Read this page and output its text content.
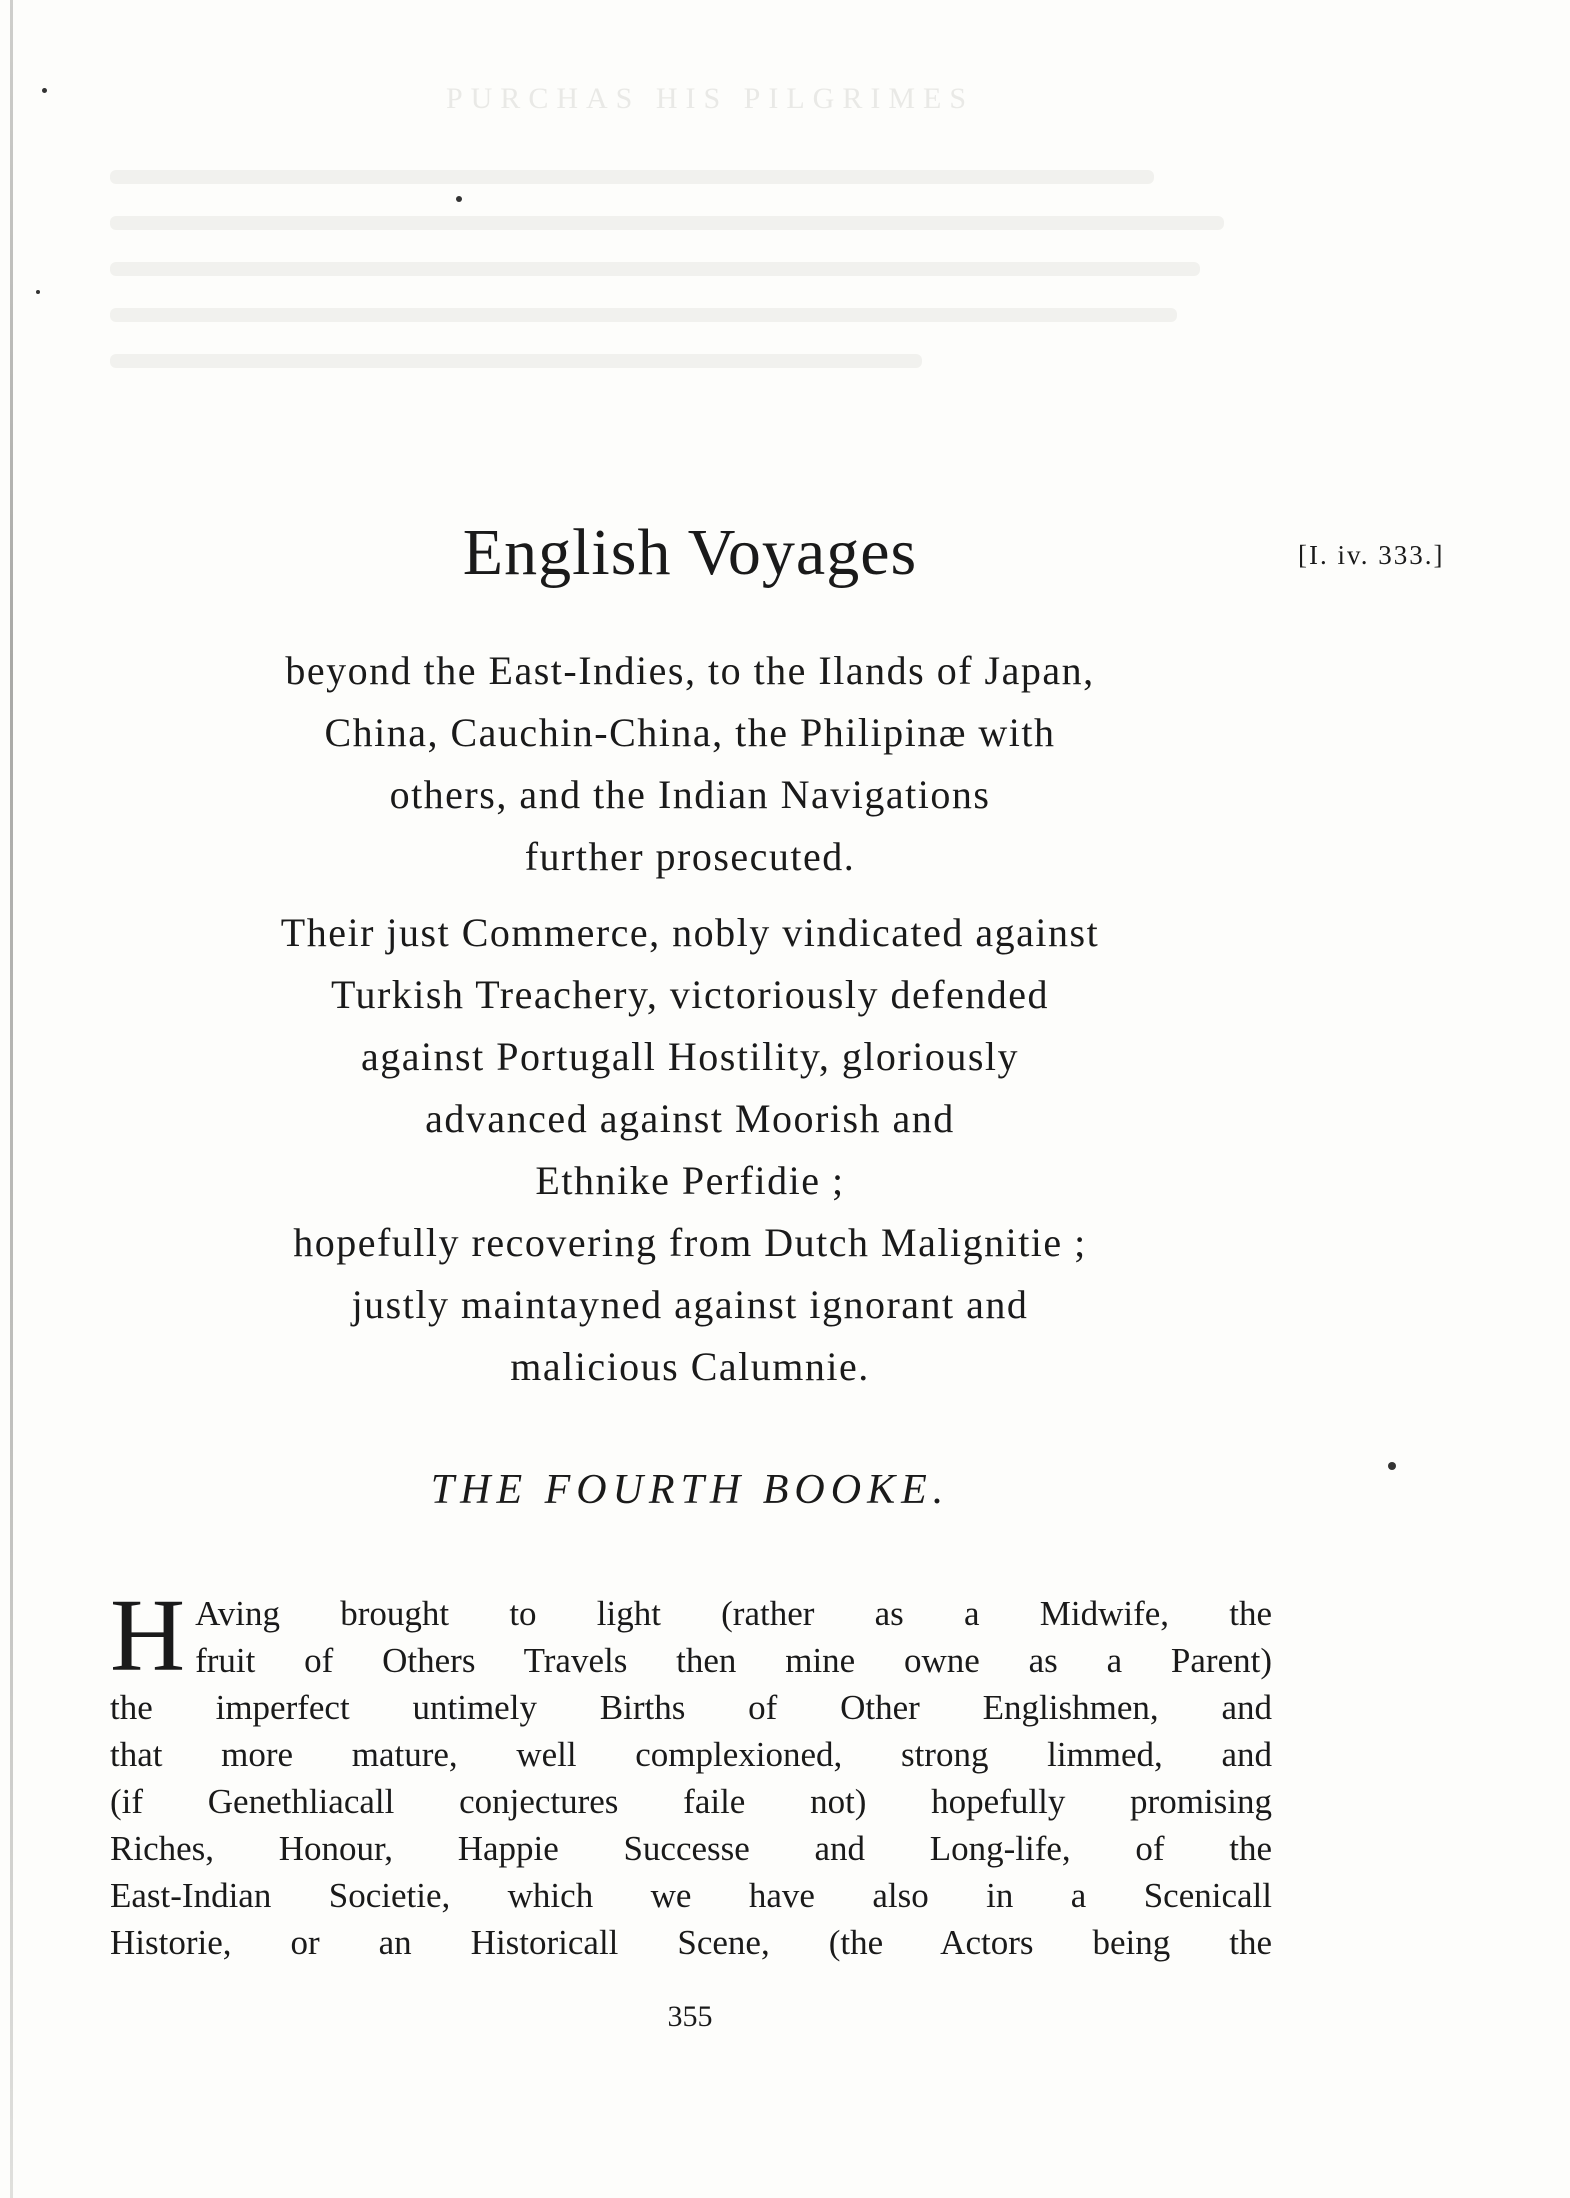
PURCHAS HIS PILGRIMES
English Voyages	[I. iv. 333.]
beyond the East-Indies, to the Ilands of Japan,
China, Cauchin-China, the Philipinæ with
others, and the Indian Navigations
further prosecuted.
Their just Commerce, nobly vindicated against
Turkish Treachery, victoriously defended
against Portugall Hostility, gloriously
advanced against Moorish and
Ethnike Perfidie ;
hopefully recovering from Dutch Malignitie ;
justly maintayned against ignorant and
malicious Calumnie.
THE FOURTH BOOKE.
H Aving brought to light (rather as a Midwife, the
fruit of Others Travels then mine owne as a Parent)
the imperfect untimely Births of Other Englishmen, and
that more mature, well complexioned, strong limmed, and
(if Genethliacall conjectures faile not) hopefully promising
Riches, Honour, Happie Successe and Long-life, of the
East-Indian Societie, which we have also in a Scenicall
Historie, or an Historicall Scene, (the Actors being the
355
